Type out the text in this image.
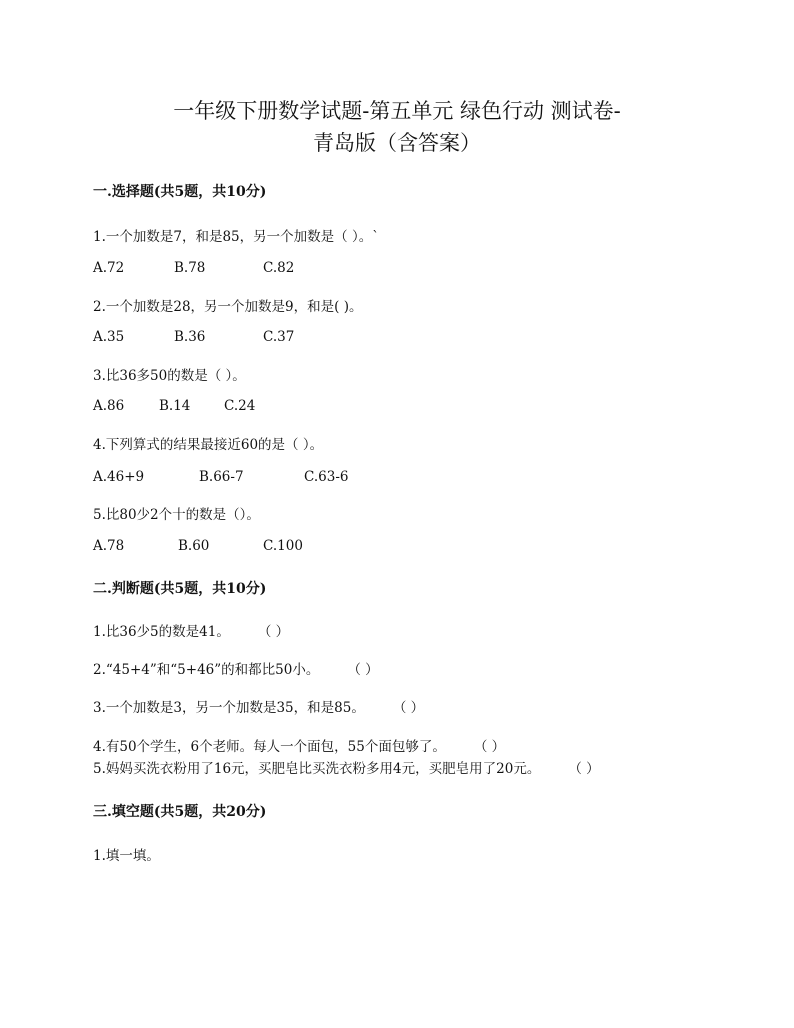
一年级下册数学试题-第五单元 绿色行动 测试卷-
青岛版（含答案）
一.选择题(共5题，共10分)
1.一个加数是7，和是85，另一个加数是（ ）。`
A.72	B.78	C.82
2.一个加数是28，另一个加数是9，和是( )。
A.35	B.36	C.37
3.比36多50的数是（ ）。
A.86	B.14 C.24
4.下列算式的结果最接近60的是（ ）。
A.46+9	B.66-7	C.63-6
5.比80少2个十的数是（）。
A.78	B.60	C.100
二.判断题(共5题，共10分)
1.比36少5的数是41。 （ ）
2.“45+4”和“5+46”的和都比50小。 （ ）
3.一个加数是3，另一个加数是35，和是85。 （ ）
4.有50个学生，6个老师。每人一个面包，55个面包够了。 （ ）
5.妈妈买洗衣粉用了16元，买肥皂比买洗衣粉多用4元，买肥皂用了20元。 （ ）
三.填空题(共5题，共20分)
1.填一填。
